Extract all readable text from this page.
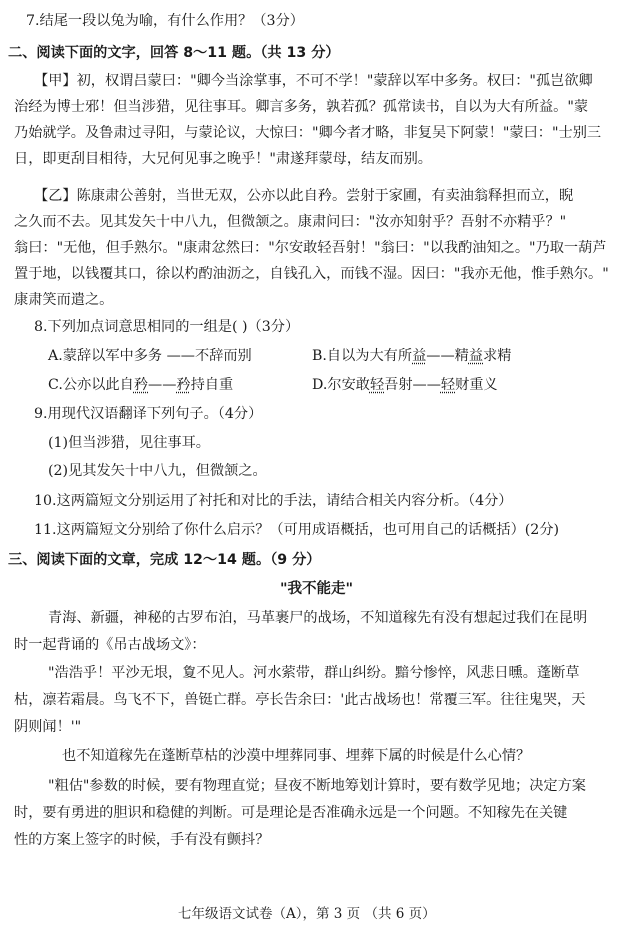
7.结尾一段以兔为喻，有什么作用？（3分）
二、阅读下面的文字，回答 8～11 题。（共 13 分）
【甲】初，权谓吕蒙曰："卿今当涂掌事，不可不学！"蒙辞以军中多务。权曰："孤岂欲卿
治经为博士邪！但当涉猎，见往事耳。卿言多务，孰若孤？孤常读书，自以为大有所益。"蒙
乃始就学。及鲁肃过寻阳，与蒙论议，大惊曰："卿今者才略，非复吴下阿蒙！"蒙曰："士别三
日，即更刮目相待，大兄何见事之晚乎！"肃遂拜蒙母，结友而别。
【乙】陈康肃公善射，当世无双，公亦以此自矜。尝射于家圃，有卖油翁释担而立，睨
之久而不去。见其发矢十中八九，但微颔之。康肃问曰："汝亦知射乎？吾射不亦精乎？"
翁曰："无他，但手熟尔。"康肃忿然曰："尔安敢轻吾射！"翁曰："以我酌油知之。"乃取一葫芦
置于地，以钱覆其口，徐以杓酌油沥之，自钱孔入，而钱不湿。因曰："我亦无他，惟手熟尔。"
康肃笑而遣之。
8.下列加点词意思相同的一组是( )（3分）
A.蒙辞以军中多务 ——不辞而别	B.自以为大有所益——精益求精
C.公亦以此自矜——矜持自重	D.尔安敢轻吾射——轻财重义
9.用现代汉语翻译下列句子。（4分）
(1)但当涉猎，见往事耳。
(2)见其发矢十中八九，但微颔之。
10.这两篇短文分别运用了衬托和对比的手法，请结合相关内容分析。（4分）
11.这两篇短文分别给了你什么启示？（可用成语概括，也可用自己的话概括）(2分)
三、阅读下面的文章，完成 12～14 题。（9 分）
"我不能走"
青海、新疆，神秘的古罗布泊，马革裹尸的战场，不知道稼先有没有想起过我们在昆明
时一起背诵的《吊古战场文》：
"浩浩乎！平沙无垠，夐不见人。河水萦带，群山纠纷。黯兮惨悴，风悲日曛。蓬断草
枯，凛若霜晨。鸟飞不下，兽铤亡群。亭长告余曰：'此古战场也！常覆三军。往往鬼哭，天
阴则闻！'"
也不知道稼先在蓬断草枯的沙漠中埋葬同事、埋葬下属的时候是什么心情？
"粗估"参数的时候，要有物理直觉；昼夜不断地筹划计算时，要有数学见地；决定方案
时，要有勇进的胆识和稳健的判断。可是理论是否准确永远是一个问题。不知稼先在关键
性的方案上签字的时候，手有没有颤抖？
七年级语文试卷（A），第 3 页 （共 6 页）
